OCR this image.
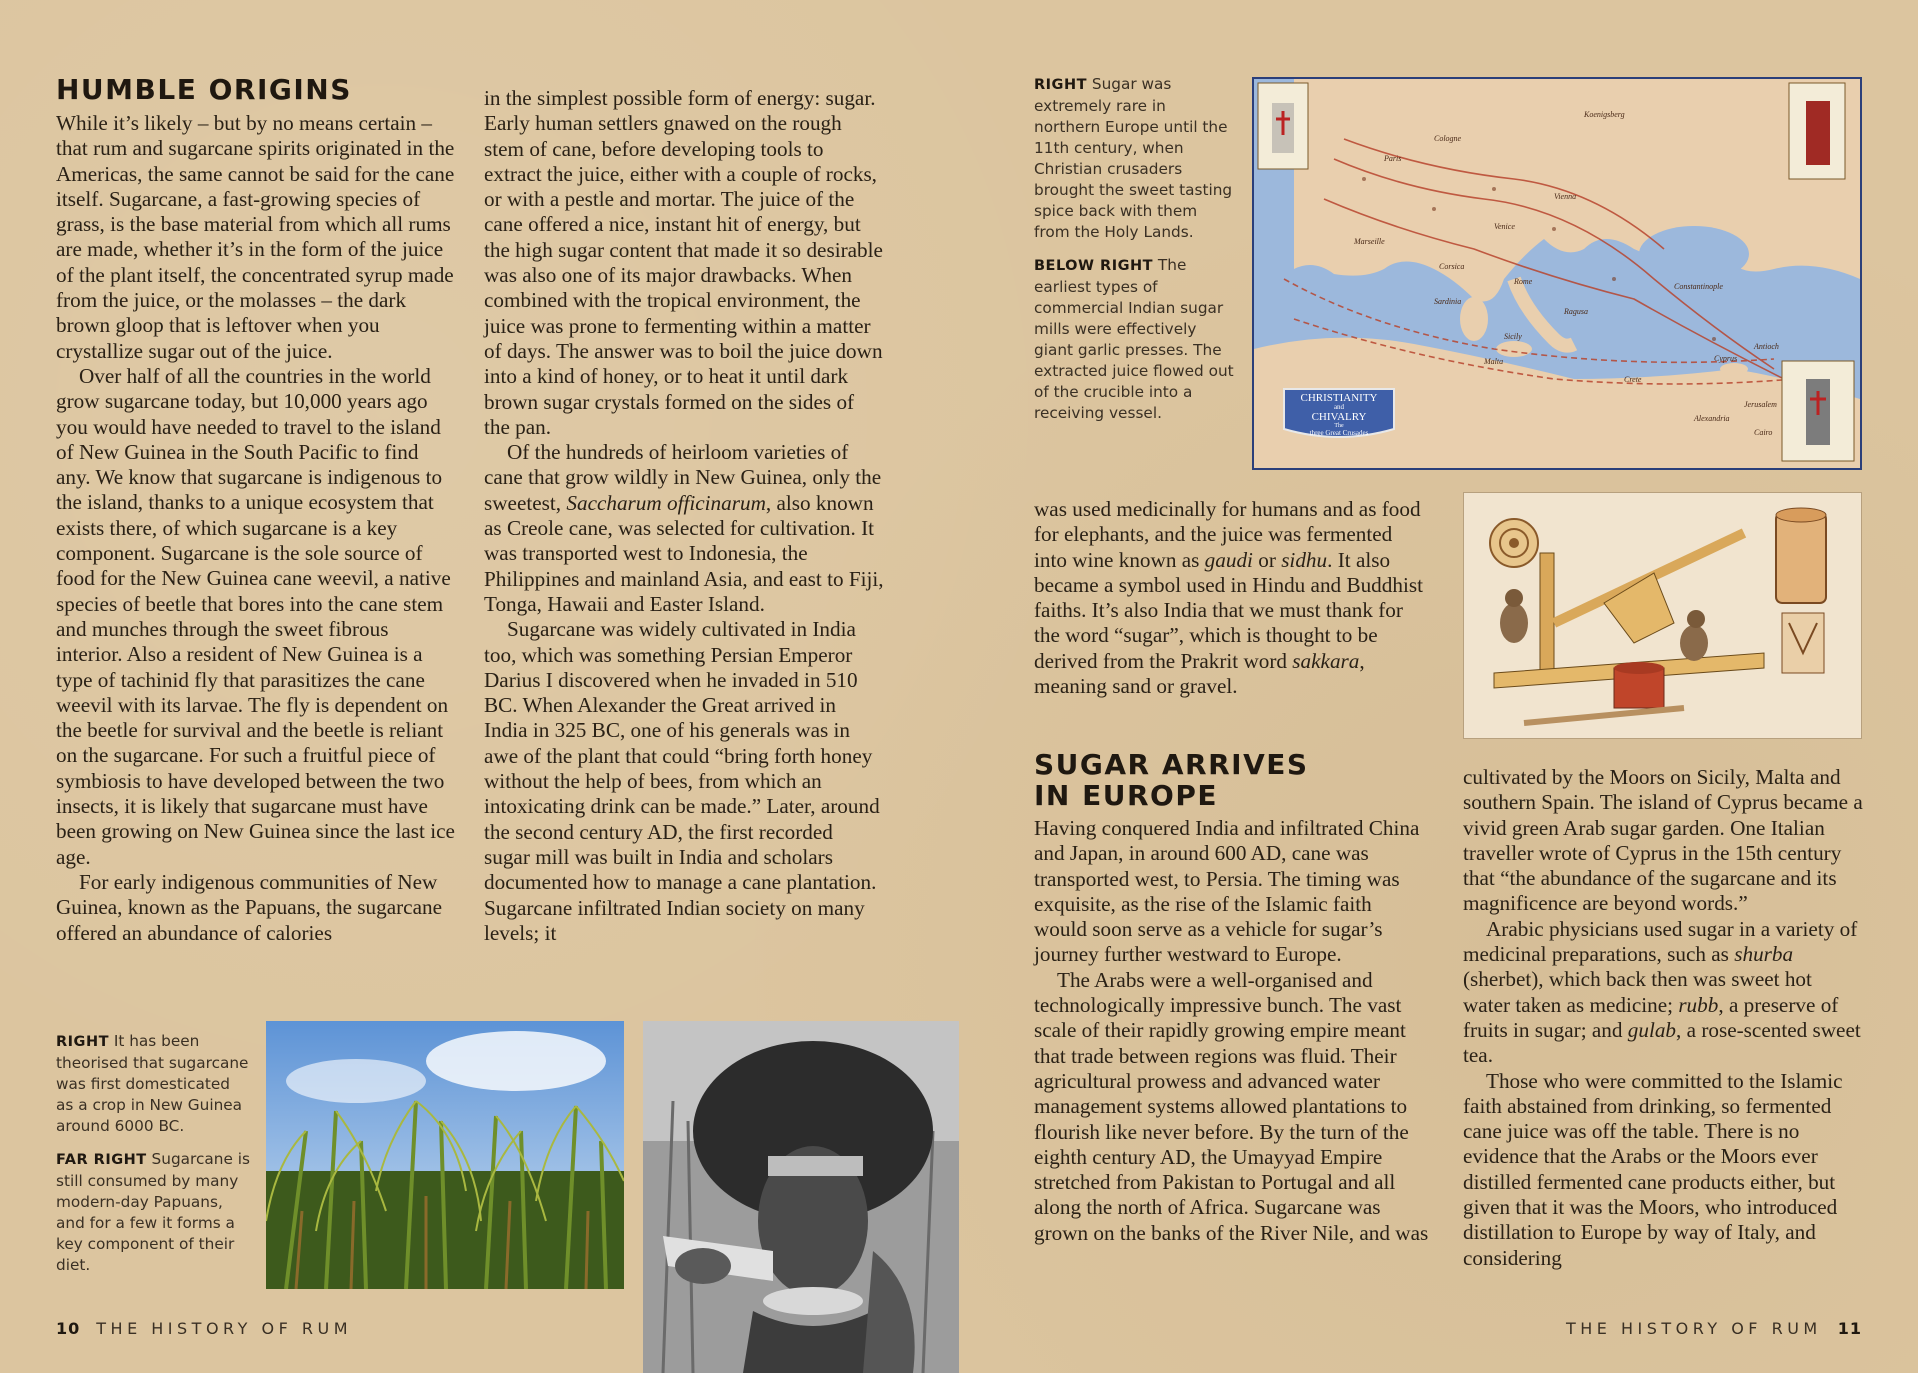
HUMBLE ORIGINS

While it’s likely – but by no means certain – that rum and sugarcane spirits originated in the Americas, the same cannot be said for the cane itself. Sugarcane, a fast-growing species of grass, is the base material from which all rums are made, whether it’s in the form of the juice of the plant itself, the concentrated syrup made from the juice, or the molasses – the dark brown gloop that is leftover when you crystallize sugar out of the juice.

Over half of all the countries in the world grow sugarcane today, but 10,000 years ago you would have needed to travel to the island of New Guinea in the South Pacific to find any. We know that sugarcane is indigenous to the island, thanks to a unique ecosystem that exists there, of which sugarcane is a key component. Sugarcane is the sole source of food for the New Guinea cane weevil, a native species of beetle that bores into the cane stem and munches through the sweet fibrous interior. Also a resident of New Guinea is a type of tachinid fly that parasitizes the cane weevil with its larvae. The fly is dependent on the beetle for survival and the beetle is reliant on the sugarcane. For such a fruitful piece of symbiosis to have developed between the two insects, it is likely that sugarcane must have been growing on New Guinea since the last ice age.

For early indigenous communities of New Guinea, known as the Papuans, the sugarcane offered an abundance of calories

in the simplest possible form of energy: sugar. Early human settlers gnawed on the rough stem of cane, before developing tools to extract the juice, either with a couple of rocks, or with a pestle and mortar. The juice of the cane offered a nice, instant hit of energy, but the high sugar content that made it so desirable was also one of its major drawbacks. When combined with the tropical environment, the juice was prone to fermenting within a matter of days. The answer was to boil the juice down into a kind of honey, or to heat it until dark brown sugar crystals formed on the sides of the pan.

Of the hundreds of heirloom varieties of cane that grow wildly in New Guinea, only the sweetest, Saccharum officinarum, also known as Creole cane, was selected for cultivation. It was transported west to Indonesia, the Philippines and mainland Asia, and east to Fiji, Tonga, Hawaii and Easter Island.

Sugarcane was widely cultivated in India too, which was something Persian Emperor Darius I discovered when he invaded in 510 BC. When Alexander the Great arrived in India in 325 BC, one of his generals was in awe of the plant that could “bring forth honey without the help of bees, from which an intoxicating drink can be made.” Later, around the second century AD, the first recorded sugar mill was built in India and scholars documented how to manage a cane plantation. Sugarcane infiltrated Indian society on many levels; it

RIGHT It has been theorised that sugarcane was first domesticated as a crop in New Guinea around 6000 BC.

FAR RIGHT Sugarcane is still consumed by many modern-day Papuans, and for a few it forms a key component of their diet.

10 THE HISTORY OF RUM

RIGHT Sugar was extremely rare in northern Europe until the 11th century, when Christian crusaders brought the sweet tasting spice back with them from the Holy Lands.

BELOW RIGHT The earliest types of commercial Indian sugar mills were effectively giant garlic presses. The extracted juice flowed out of the crucible into a receiving vessel.

CHRISTIANITY
and
CHIVALRY
The
three Great Crusades
Paris
Cologne
Vienna
Venice
Rome
Constantinople
Sardinia
Corsica
Malta
Sicily
Crete
Cyprus
Antioch
Jerusalem
Alexandria
Cairo
Koenigsberg
Ragusa
Marseille

was used medicinally for humans and as food for elephants, and the juice was fermented into wine known as gaudi or sidhu. It also became a symbol used in Hindu and Buddhist faiths. It’s also India that we must thank for the word “sugar”, which is thought to be derived from the Prakrit word sakkara, meaning sand or gravel.

SUGAR ARRIVES
IN EUROPE

Having conquered India and infiltrated China and Japan, in around 600 AD, cane was transported west, to Persia. The timing was exquisite, as the rise of the Islamic faith would soon serve as a vehicle for sugar’s journey further westward to Europe.

The Arabs were a well-organised and technologically impressive bunch. The vast scale of their rapidly growing empire meant that trade between regions was fluid. Their agricultural prowess and advanced water management systems allowed plantations to flourish like never before. By the turn of the eighth century AD, the Umayyad Empire stretched from Pakistan to Portugal and all along the north of Africa. Sugarcane was grown on the banks of the River Nile, and was

cultivated by the Moors on Sicily, Malta and southern Spain. The island of Cyprus became a vivid green Arab sugar garden. One Italian traveller wrote of Cyprus in the 15th century that “the abundance of the sugarcane and its magnificence are beyond words.”

Arabic physicians used sugar in a variety of medicinal preparations, such as shurba (sherbet), which back then was sweet hot water taken as medicine; rubb, a preserve of fruits in sugar; and gulab, a rose-scented sweet tea.

Those who were committed to the Islamic faith abstained from drinking, so fermented cane juice was off the table. There is no evidence that the Arabs or the Moors ever distilled fermented cane products either, but given that it was the Moors, who introduced distillation to Europe by way of Italy, and considering

THE HISTORY OF RUM 11
